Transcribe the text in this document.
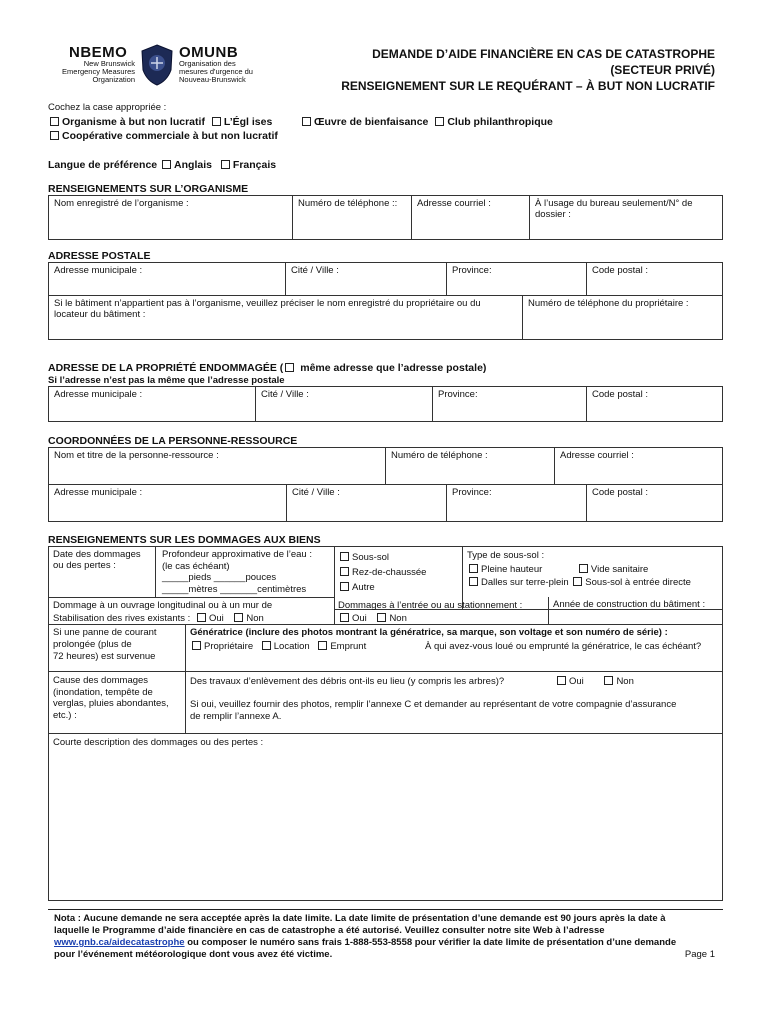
NBEMO
New Brunswick
Emergency Measures
Organization
OMUNB
Organisation des
mesures d'urgence du
Nouveau-Brunswick
DEMANDE D’AIDE FINANCIÈRE EN CAS DE CATASTROPHE
(SECTEUR PRIVÉ)
RENSEIGNEMENT SUR LE REQUÉRANT – À BUT NON LUCRATIF
Cochez la case appropriée :
Organisme à but non lucratif L’Égl ises	Œuvre de bienfaisance Club philanthropique
Coopérative commerciale à but non lucratif
Langue de préférence Anglais Français
RENSEIGNEMENTS SUR L’ORGANISME
Nom enregistré de l’organisme :	Numéro de téléphone ::	Adresse courriel :	À l’usage du bureau seulement/N° de
dossier :
ADRESSE POSTALE
Adresse municipale :	Cité / Ville :	Province:	Code postal :
Si le bâtiment n’appartient pas à l’organisme, veuillez préciser le nom enregistré du propriétaire ou du
locateur du bâtiment :
Numéro de téléphone du propriétaire :
ADRESSE DE LA PROPRIÉTÉ ENDOMMAGÉE ( même adresse que l’adresse postale)
Si l’adresse n’est pas la même que l’adresse postale
Adresse municipale :	Cité / Ville :	Province:	Code postal :
COORDONNÉES DE LA PERSONNE-RESSOURCE
Nom et titre de la personne-ressource :	Numéro de téléphone :	Adresse courriel :
Adresse municipale :	Cité / Ville :	Province:	Code postal :
RENSEIGNEMENTS SUR LES DOMMAGES AUX BIENS
Date des dommages
ou des pertes :
Profondeur approximative de l’eau :
(le cas échéant)
_____pieds ______pouces
_____mètres _______centimètres
Sous-sol
Rez-de-chaussée
Autre
Type de sous-sol :
Pleine hauteur	Vide sanitaire
Dalles sur terre-plein Sous-sol à entrée directe
Dommage à un ouvrage longitudinal ou à un mur de
Stabilisation des rives existants : Oui Non
Dommages à l’entrée ou au stationnement :
Oui Non
Année de construction du bâtiment :
Si une panne de courant
prolongée (plus de
72 heures) est survenue
Génératrice (inclure des photos montrant la génératrice, sa marque, son voltage et son numéro de série) :
Propriétaire Location Emprunt	À qui avez-vous loué ou emprunté la génératrice, le cas échéant?
Cause des dommages
(inondation, tempête de
verglas, pluies abondantes,
etc.) :
Des travaux d’enlèvement des débris ont-ils eu lieu (y compris les arbres)?	Oui	Non
Si oui, veuillez fournir des photos, remplir l’annexe C et demander au représentant de votre compagnie d’assurance
de remplir l’annexe A.
Courte description des dommages ou des pertes :
Nota : Aucune demande ne sera acceptée après la date limite. La date limite de présentation d’une demande est 90 jours après la date à
laquelle le Programme d’aide financière en cas de catastrophe a été autorisé. Veuillez consulter notre site Web à l’adresse
www.gnb.ca/aidecatastrophe ou composer le numéro sans frais 1-888-553-8558 pour vérifier la date limite de présentation d’une demande
pour l’événement météorologique dont vous avez été victime.	Page 1
